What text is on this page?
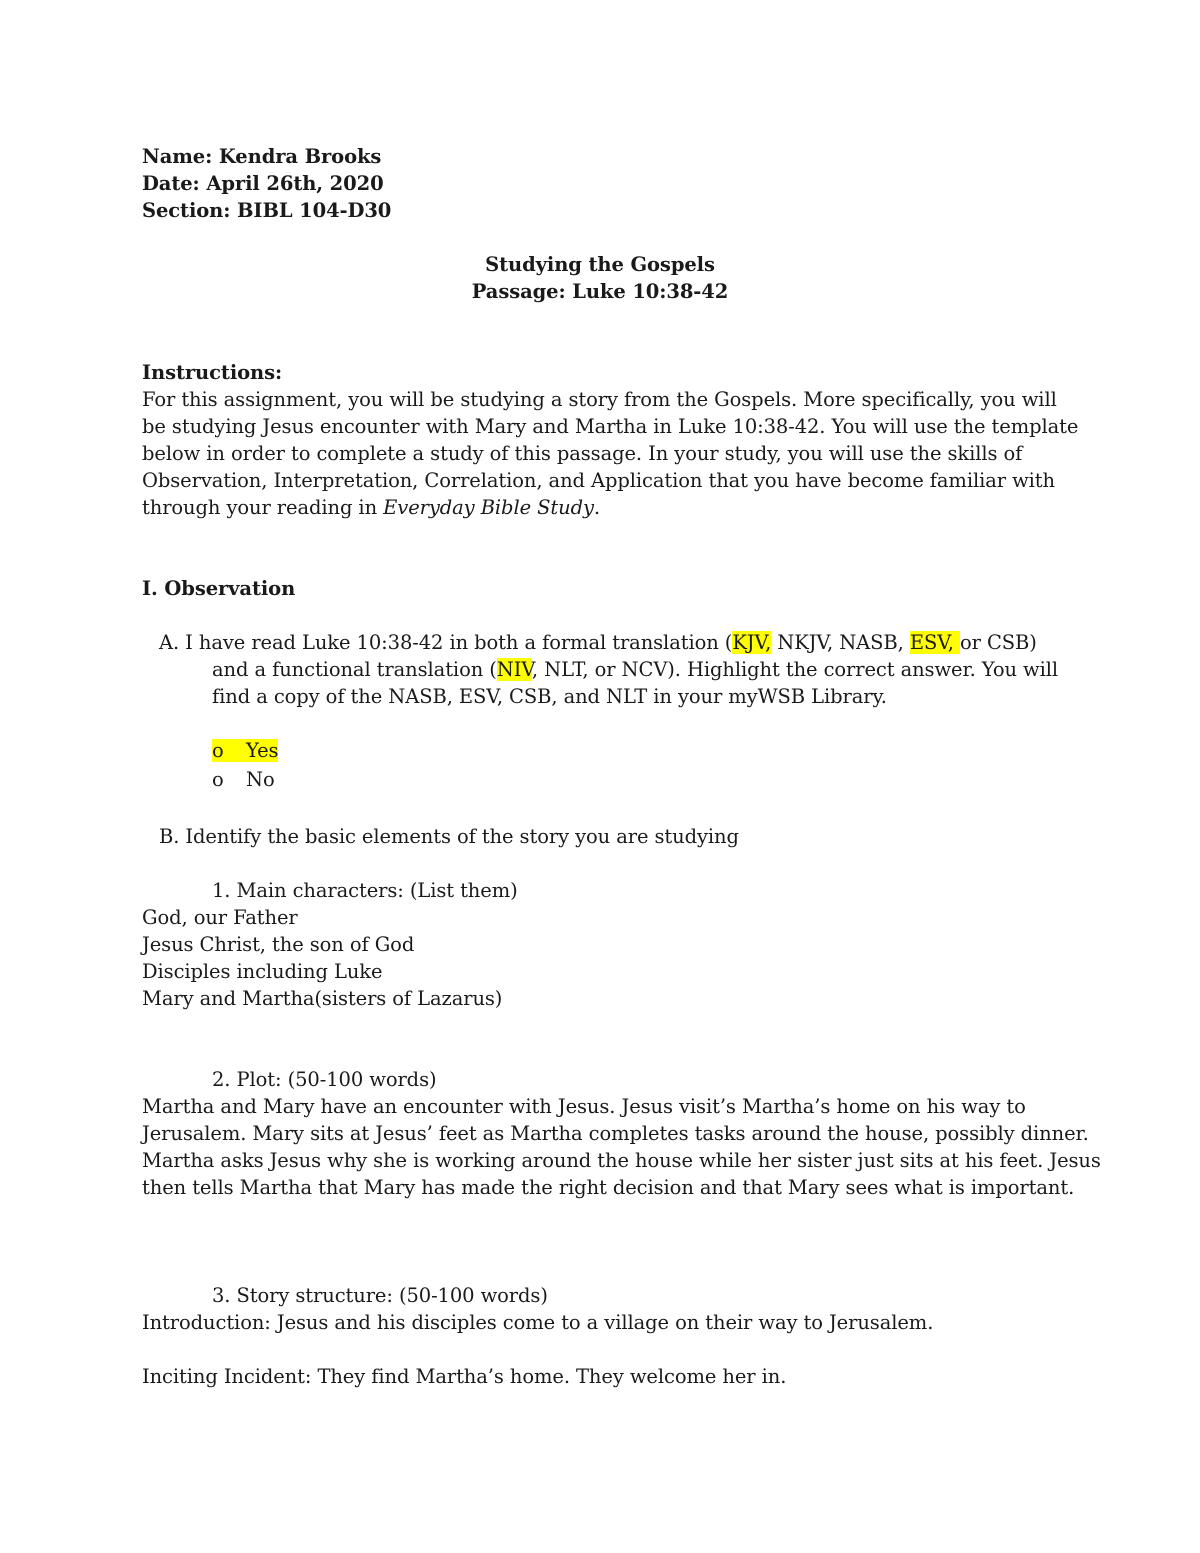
Name: Kendra Brooks
Date: April 26th, 2020
Section: BIBL 104-D30
Studying the Gospels
Passage: Luke 10:38-42
Instructions:
For this assignment, you will be studying a story from the Gospels. More specifically, you will
be studying Jesus encounter with Mary and Martha in Luke 10:38-42. You will use the template
below in order to complete a study of this passage. In your study, you will use the skills of
Observation, Interpretation, Correlation, and Application that you have become familiar with
through your reading in Everyday Bible Study.
I. Observation
A. I have read Luke 10:38-42 in both a formal translation (KJV, NKJV, NASB, ESV, or CSB)
and a functional translation (NIV, NLT, or NCV). Highlight the correct answer. You will
find a copy of the NASB, ESV, CSB, and NLT in your myWSB Library.
o Yes
o No
B. Identify the basic elements of the story you are studying
1. Main characters: (List them)
God, our Father
Jesus Christ, the son of God
Disciples including Luke
Mary and Martha(sisters of Lazarus)
2. Plot: (50-100 words)
Martha and Mary have an encounter with Jesus. Jesus visit’s Martha’s home on his way to
Jerusalem. Mary sits at Jesus’ feet as Martha completes tasks around the house, possibly dinner.
Martha asks Jesus why she is working around the house while her sister just sits at his feet. Jesus
then tells Martha that Mary has made the right decision and that Mary sees what is important.
3. Story structure: (50-100 words)
Introduction: Jesus and his disciples come to a village on their way to Jerusalem.
Inciting Incident: They find Martha’s home. They welcome her in.
